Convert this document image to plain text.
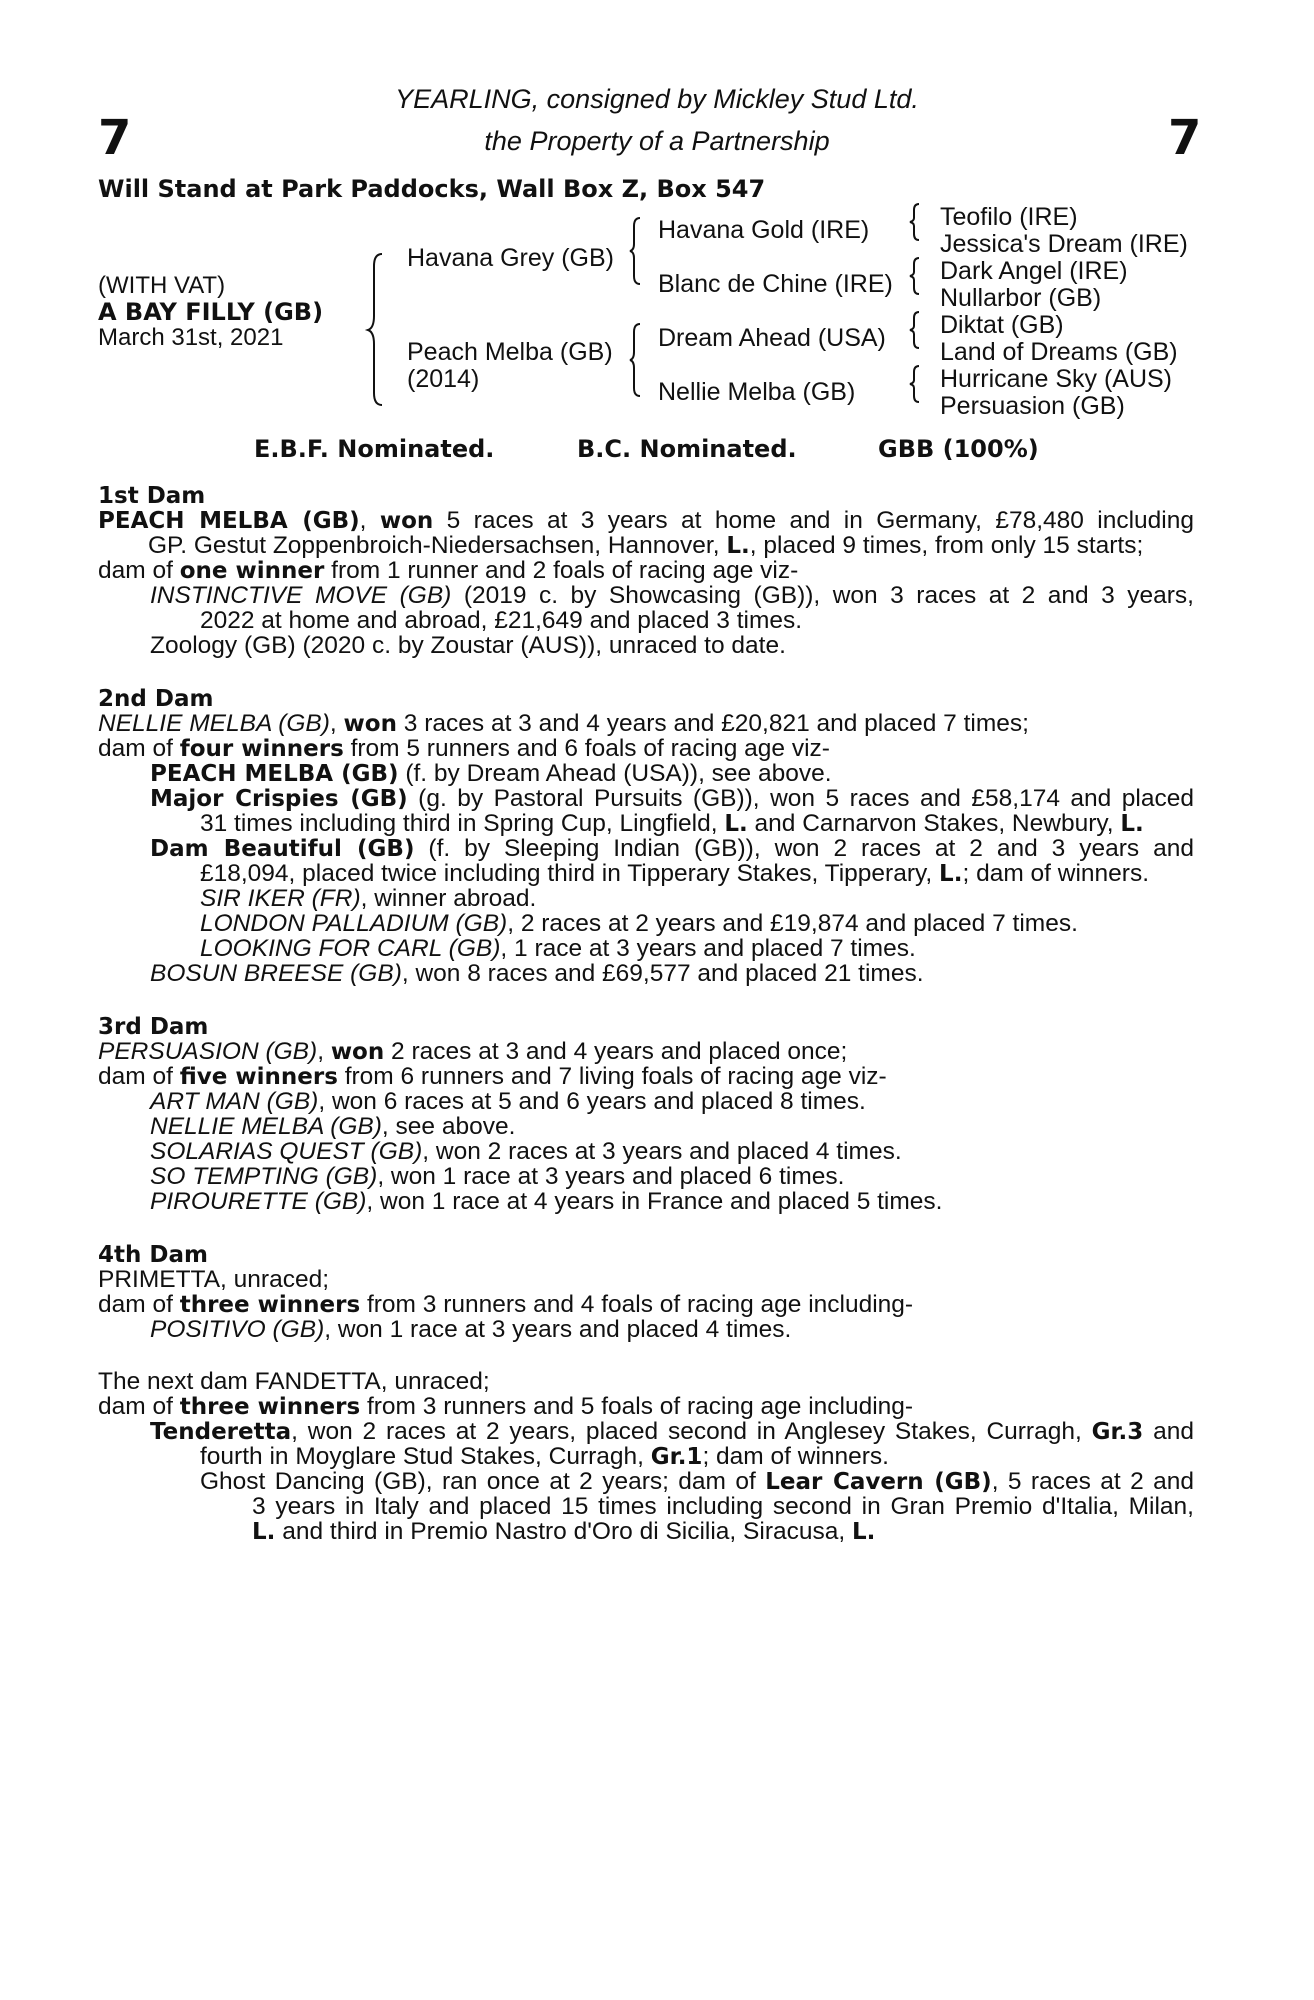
7	7
YEARLING, consigned by Mickley Stud Ltd.
the Property of a Partnership
Will Stand at Park Paddocks, Wall Box Z, Box 547
(WITH VAT)
A BAY FILLY (GB)
March 31st, 2021
Havana Grey (GB)
Peach Melba (GB)
(2014)
Havana Gold (IRE)
Blanc de Chine (IRE)
Dream Ahead (USA)
Nellie Melba (GB)
Teofilo (IRE)
Jessica's Dream (IRE)
Dark Angel (IRE)
Nullarbor (GB)
Diktat (GB)
Land of Dreams (GB)
Hurricane Sky (AUS)
Persuasion (GB)
E.B.F. Nominated.	B.C. Nominated.	GBB (100%)
1st Dam
PEACH MELBA (GB), won 5 races at 3 years at home and in Germany, £78,480 including
GP. Gestut Zoppenbroich-Niedersachsen, Hannover, L., placed 9 times, from only 15 starts;
dam of one winner from 1 runner and 2 foals of racing age viz-
INSTINCTIVE MOVE (GB) (2019 c. by Showcasing (GB)), won 3 races at 2 and 3 years,
2022 at home and abroad, £21,649 and placed 3 times.
Zoology (GB) (2020 c. by Zoustar (AUS)), unraced to date.
2nd Dam
NELLIE MELBA (GB), won 3 races at 3 and 4 years and £20,821 and placed 7 times;
dam of four winners from 5 runners and 6 foals of racing age viz-
PEACH MELBA (GB) (f. by Dream Ahead (USA)), see above.
Major Crispies (GB) (g. by Pastoral Pursuits (GB)), won 5 races and £58,174 and placed
31 times including third in Spring Cup, Lingfield, L. and Carnarvon Stakes, Newbury, L.
Dam Beautiful (GB) (f. by Sleeping Indian (GB)), won 2 races at 2 and 3 years and
£18,094, placed twice including third in Tipperary Stakes, Tipperary, L.; dam of winners.
SIR IKER (FR), winner abroad.
LONDON PALLADIUM (GB), 2 races at 2 years and £19,874 and placed 7 times.
LOOKING FOR CARL (GB), 1 race at 3 years and placed 7 times.
BOSUN BREESE (GB), won 8 races and £69,577 and placed 21 times.
3rd Dam
PERSUASION (GB), won 2 races at 3 and 4 years and placed once;
dam of five winners from 6 runners and 7 living foals of racing age viz-
ART MAN (GB), won 6 races at 5 and 6 years and placed 8 times.
NELLIE MELBA (GB), see above.
SOLARIAS QUEST (GB), won 2 races at 3 years and placed 4 times.
SO TEMPTING (GB), won 1 race at 3 years and placed 6 times.
PIROURETTE (GB), won 1 race at 4 years in France and placed 5 times.
4th Dam
PRIMETTA, unraced;
dam of three winners from 3 runners and 4 foals of racing age including-
POSITIVO (GB), won 1 race at 3 years and placed 4 times.
The next dam FANDETTA, unraced;
dam of three winners from 3 runners and 5 foals of racing age including-
Tenderetta, won 2 races at 2 years, placed second in Anglesey Stakes, Curragh, Gr.3 and
fourth in Moyglare Stud Stakes, Curragh, Gr.1; dam of winners.
Ghost Dancing (GB), ran once at 2 years; dam of Lear Cavern (GB), 5 races at 2 and
3 years in Italy and placed 15 times including second in Gran Premio d'Italia, Milan,
L. and third in Premio Nastro d'Oro di Sicilia, Siracusa, L.
